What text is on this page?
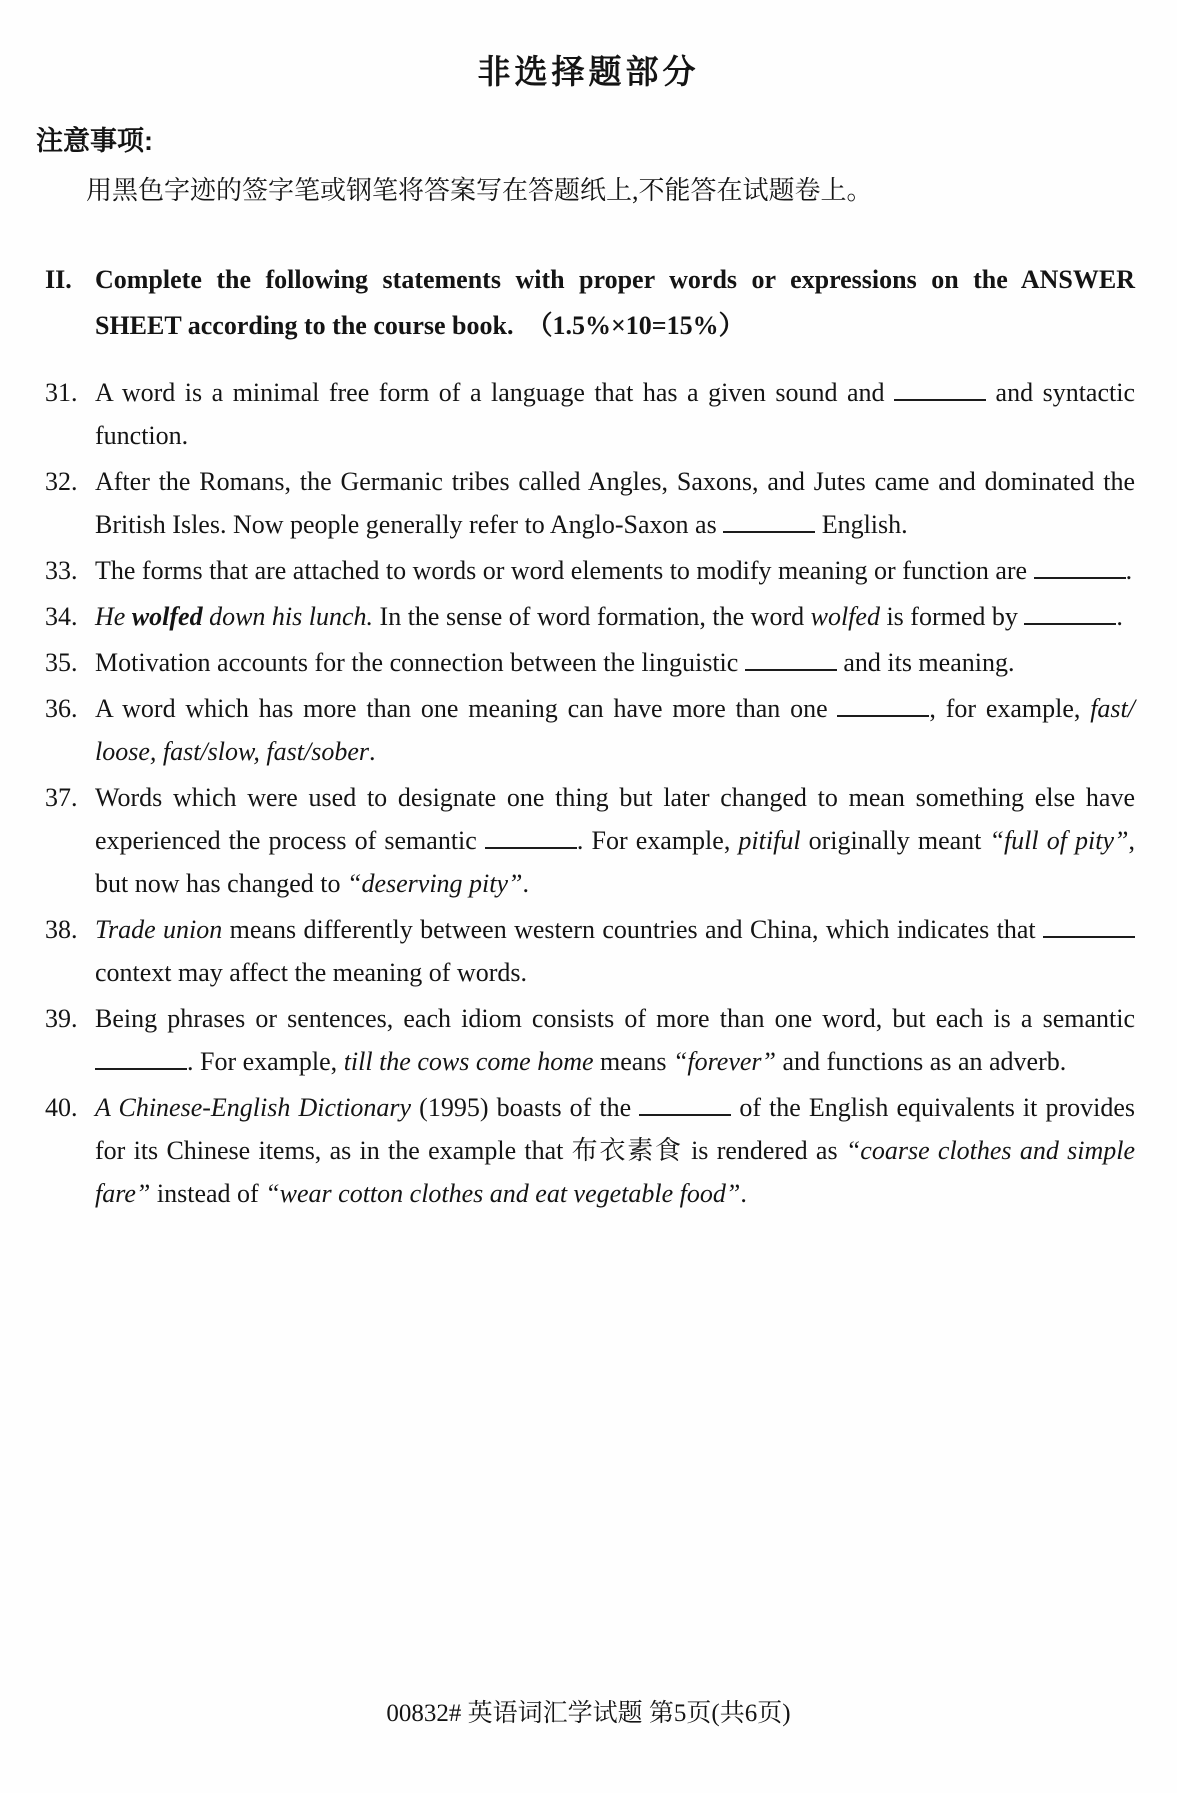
非选择题部分
注意事项:
用黑色字迹的签字笔或钢笔将答案写在答题纸上,不能答在试题卷上。
II. Complete the following statements with proper words or expressions on the ANSWER SHEET according to the course book.　（1.5%×10=15%）
31. A word is a minimal free form of a language that has a given sound and	and syntactic function.
32. After the Romans, the Germanic tribes called Angles, Saxons, and Jutes came and dominated the British Isles. Now people generally refer to Anglo-Saxon as	English.
33. The forms that are attached to words or word elements to modify meaning or function are	.
34. He wolfed down his lunch. In the sense of word formation, the word wolfed is formed by	.
35. Motivation accounts for the connection between the linguistic	and its meaning.
36. A word which has more than one meaning can have more than one	, for example, fast/ loose, fast/slow, fast/sober.
37. Words which were used to designate one thing but later changed to mean something else have experienced the process of semantic	. For example, pitiful originally meant “full of pity”, but now has changed to “deserving pity”.
38. Trade union means differently between western countries and China, which indicates that  context may affect the meaning of words.
39. Being phrases or sentences, each idiom consists of more than one word, but each is a semantic . For example, till the cows come home means “forever” and functions as an adverb.
40. A Chinese-English Dictionary (1995) boasts of the	of the English equivalents it provides for its Chinese items, as in the example that 布衣素食 is rendered as “coarse clothes and simple fare” instead of “wear cotton clothes and eat vegetable food”.
00832# 英语词汇学试题 第5页(共6页)
